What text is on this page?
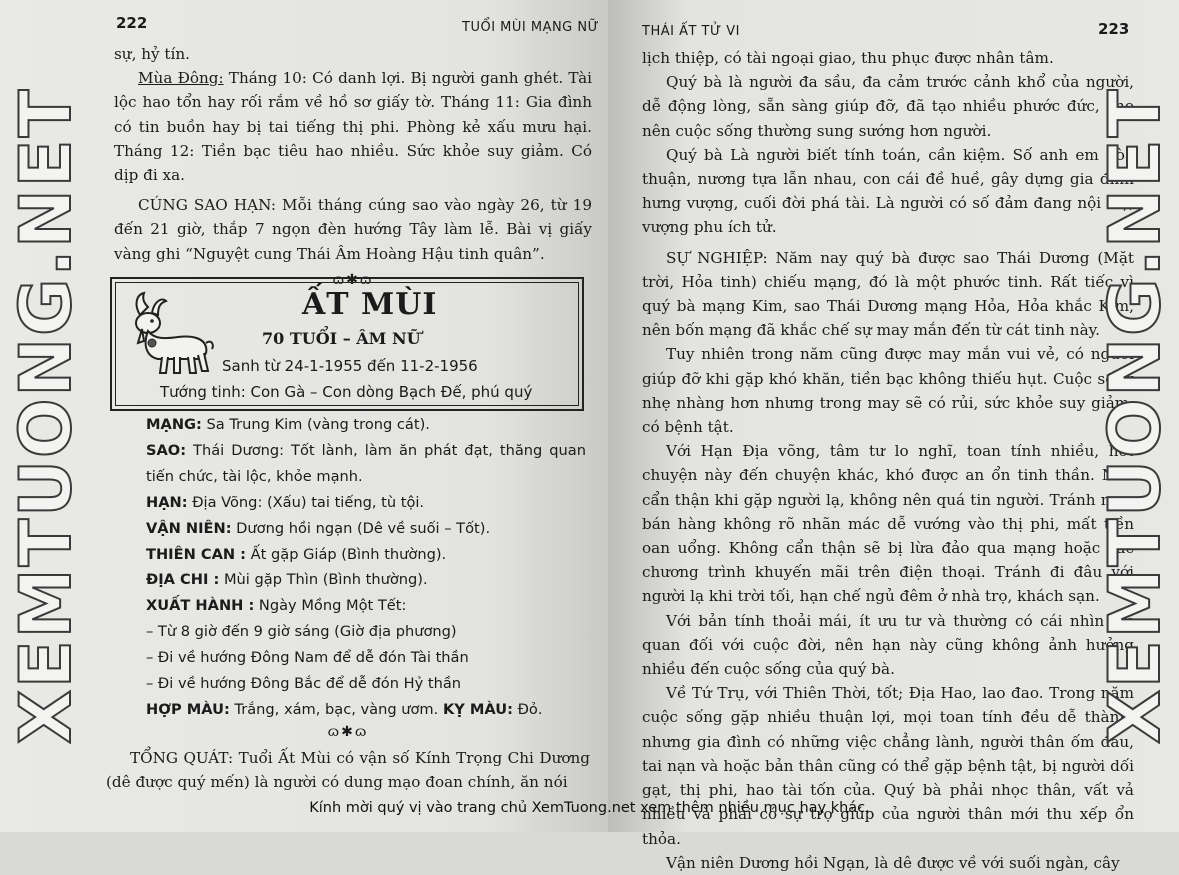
222	TUỔI MÙI MẠNG NỮ

sự, hỷ tín.

Mùa Đông: Tháng 10: Có danh lợi. Bị người ganh ghét. Tài lộc hao tổn hay rối rắm về hồ sơ giấy tờ. Tháng 11: Gia đình có tin buồn hay bị tai tiếng thị phi. Phòng kẻ xấu mưu hại. Tháng 12: Tiền bạc tiêu hao nhiều. Sức khỏe suy giảm. Có dịp đi xa.

CÚNG SAO HẠN: Mỗi tháng cúng sao vào ngày 26, từ 19 đến 21 giờ, thắp 7 ngọn đèn hướng Tây làm lễ. Bài vị giấy vàng ghi “Nguyệt cung Thái Âm Hoàng Hậu tinh quân”.

ɷ✱ɷ
ẤT MÙI
70 TUỔI – ÂM NỮ
Sanh từ 24-1-1955 đến 11-2-1956
Tướng tinh: Con Gà – Con dòng Bạch Đế, phú quý

MẠNG: Sa Trung Kim (vàng trong cát).

SAO: Thái Dương: Tốt lành, làm ăn phát đạt, thăng quan tiến chức, tài lộc, khỏe mạnh.

HẠN: Địa Võng: (Xấu) tai tiếng, tù tội.

VẬN NIÊN: Dương hồi ngạn (Dê về suối – Tốt).

THIÊN CAN : Ất gặp Giáp (Bình thường).

ĐỊA CHI : Mùi gặp Thìn (Bình thường).

XUẤT HÀNH : Ngày Mồng Một Tết:

– Từ 8 giờ đến 9 giờ sáng (Giờ địa phương)

– Đi về hướng Đông Nam để dễ đón Tài thần

– Đi về hướng Đông Bắc để dễ đón Hỷ thần

HỢP MÀU: Trắng, xám, bạc, vàng ươm. KỴ MÀU: Đỏ.

ɷ✱ɷ

TỔNG QUÁT: Tuổi Ất Mùi có vận số Kính Trọng Chi Dương (dê được quý mến) là người có dung mạo đoan chính, ăn nói

THÁI ẤT TỬ VI	223

lịch thiệp, có tài ngoại giao, thu phục được nhân tâm.

Quý bà là người đa sầu, đa cảm trước cảnh khổ của người, dễ động lòng, sẵn sàng giúp đỡ, đã tạo nhiều phước đức, cho nên cuộc sống thường sung sướng hơn người.

Quý bà Là người biết tính toán, cần kiệm. Số anh em hòa thuận, nương tựa lẫn nhau, con cái đề huề, gây dựng gia đình hưng vượng, cuối đời phá tài. Là người có số đảm đang nội trợ, vượng phu ích tử.

SỰ NGHIỆP: Năm nay quý bà được sao Thái Dương (Mặt trời, Hỏa tinh) chiếu mạng, đó là một phước tinh. Rất tiếc vì quý bà mạng Kim, sao Thái Dương mạng Hỏa, Hỏa khắc Kim, nên bốn mạng đã khắc chế sự may mắn đến từ cát tinh này.

Tuy nhiên trong năm cũng được may mắn vui vẻ, có người giúp đỡ khi gặp khó khăn, tiền bạc không thiếu hụt. Cuộc sống nhẹ nhàng hơn nhưng trong may sẽ có rủi, sức khỏe suy giảm, có bệnh tật.

Với Hạn Địa võng, tâm tư lo nghĩ, toan tính nhiều, hết chuyện này đến chuyện khác, khó được an ổn tinh thần. Nên cẩn thận khi gặp người lạ, không nên quá tin người. Tránh mua bán hàng không rõ nhãn mác dễ vướng vào thị phi, mất tiền oan uổng. Không cẩn thận sẽ bị lừa đảo qua mạng hoặc các chương trình khuyến mãi trên điện thoại. Tránh đi đâu với người lạ khi trời tối, hạn chế ngủ đêm ở nhà trọ, khách sạn.

Với bản tính thoải mái, ít ưu tư và thường có cái nhìn lạc quan đối với cuộc đời, nên hạn này cũng không ảnh hưởng nhiều đến cuộc sống của quý bà.

Về Tứ Trụ, với Thiên Thời, tốt; Địa Hao, lao đao. Trong năm cuộc sống gặp nhiều thuận lợi, mọi toan tính đều dễ thành, nhưng gia đình có những việc chẳng lành, người thân ốm đau, tai nạn và hoặc bản thân cũng có thể gặp bệnh tật, bị người dối gạt, thị phi, hao tài tốn của. Quý bà phải nhọc thân, vất vả nhiều và phải có sự trợ giúp của người thân mới thu xếp ổn thỏa.

Vận niên Dương hồi Ngạn, là dê được về với suối ngàn, cây

XEMTUONG.NET	XEMTUONG.NET
Kính mời quý vị vào trang chủ XemTuong.net xem thêm nhiều mục hay khác.
